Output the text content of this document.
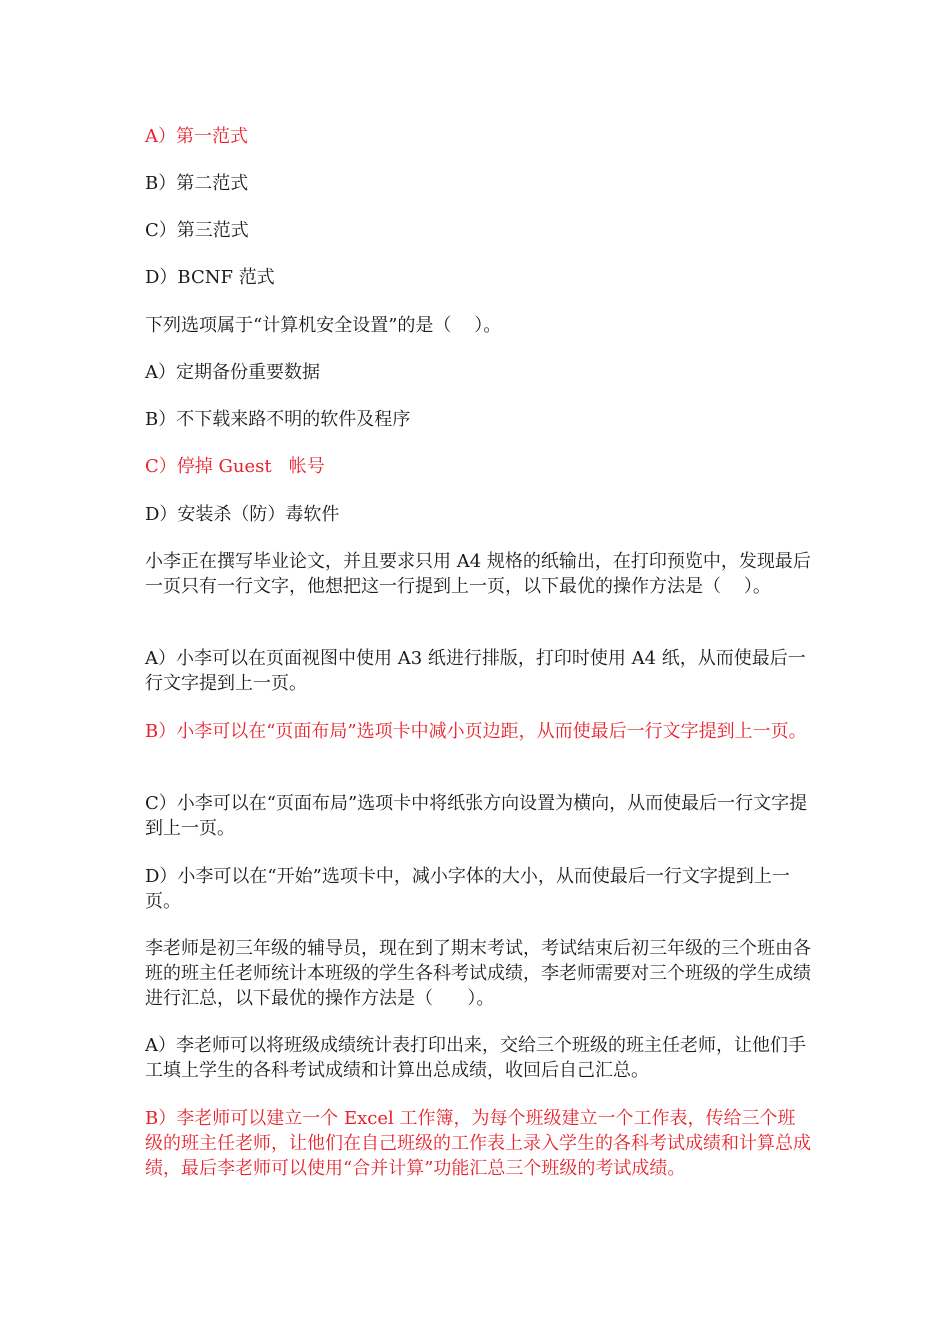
A）第一范式

B）第二范式

C）第三范式

D）BCNF 范式

下列选项属于“计算机安全设置”的是（    ）。

A）定期备份重要数据

B）不下载来路不明的软件及程序

C）停掉 Guest   帐号

D）安装杀（防）毒软件

小李正在撰写毕业论文，并且要求只用 A4 规格的纸输出，在打印预览中，发现最后一页只有一行文字，他想把这一行提到上一页，以下最优的操作方法是（    ）。

A）小李可以在页面视图中使用 A3 纸进行排版，打印时使用 A4 纸，从而使最后一行文字提到上一页。

B）小李可以在“页面布局”选项卡中减小页边距，从而使最后一行文字提到上一页。

C）小李可以在“页面布局”选项卡中将纸张方向设置为横向，从而使最后一行文字提到上一页。

D）小李可以在“开始”选项卡中，减小字体的大小，从而使最后一行文字提到上一页。

李老师是初三年级的辅导员，现在到了期末考试，考试结束后初三年级的三个班由各班的班主任老师统计本班级的学生各科考试成绩，李老师需要对三个班级的学生成绩进行汇总，以下最优的操作方法是（      ）。

A）李老师可以将班级成绩统计表打印出来，交给三个班级的班主任老师，让他们手工填上学生的各科考试成绩和计算出总成绩，收回后自己汇总。

B）李老师可以建立一个 Excel 工作簿，为每个班级建立一个工作表，传给三个班级的班主任老师，让他们在自己班级的工作表上录入学生的各科考试成绩和计算总成绩，最后李老师可以使用“合并计算”功能汇总三个班级的考试成绩。
